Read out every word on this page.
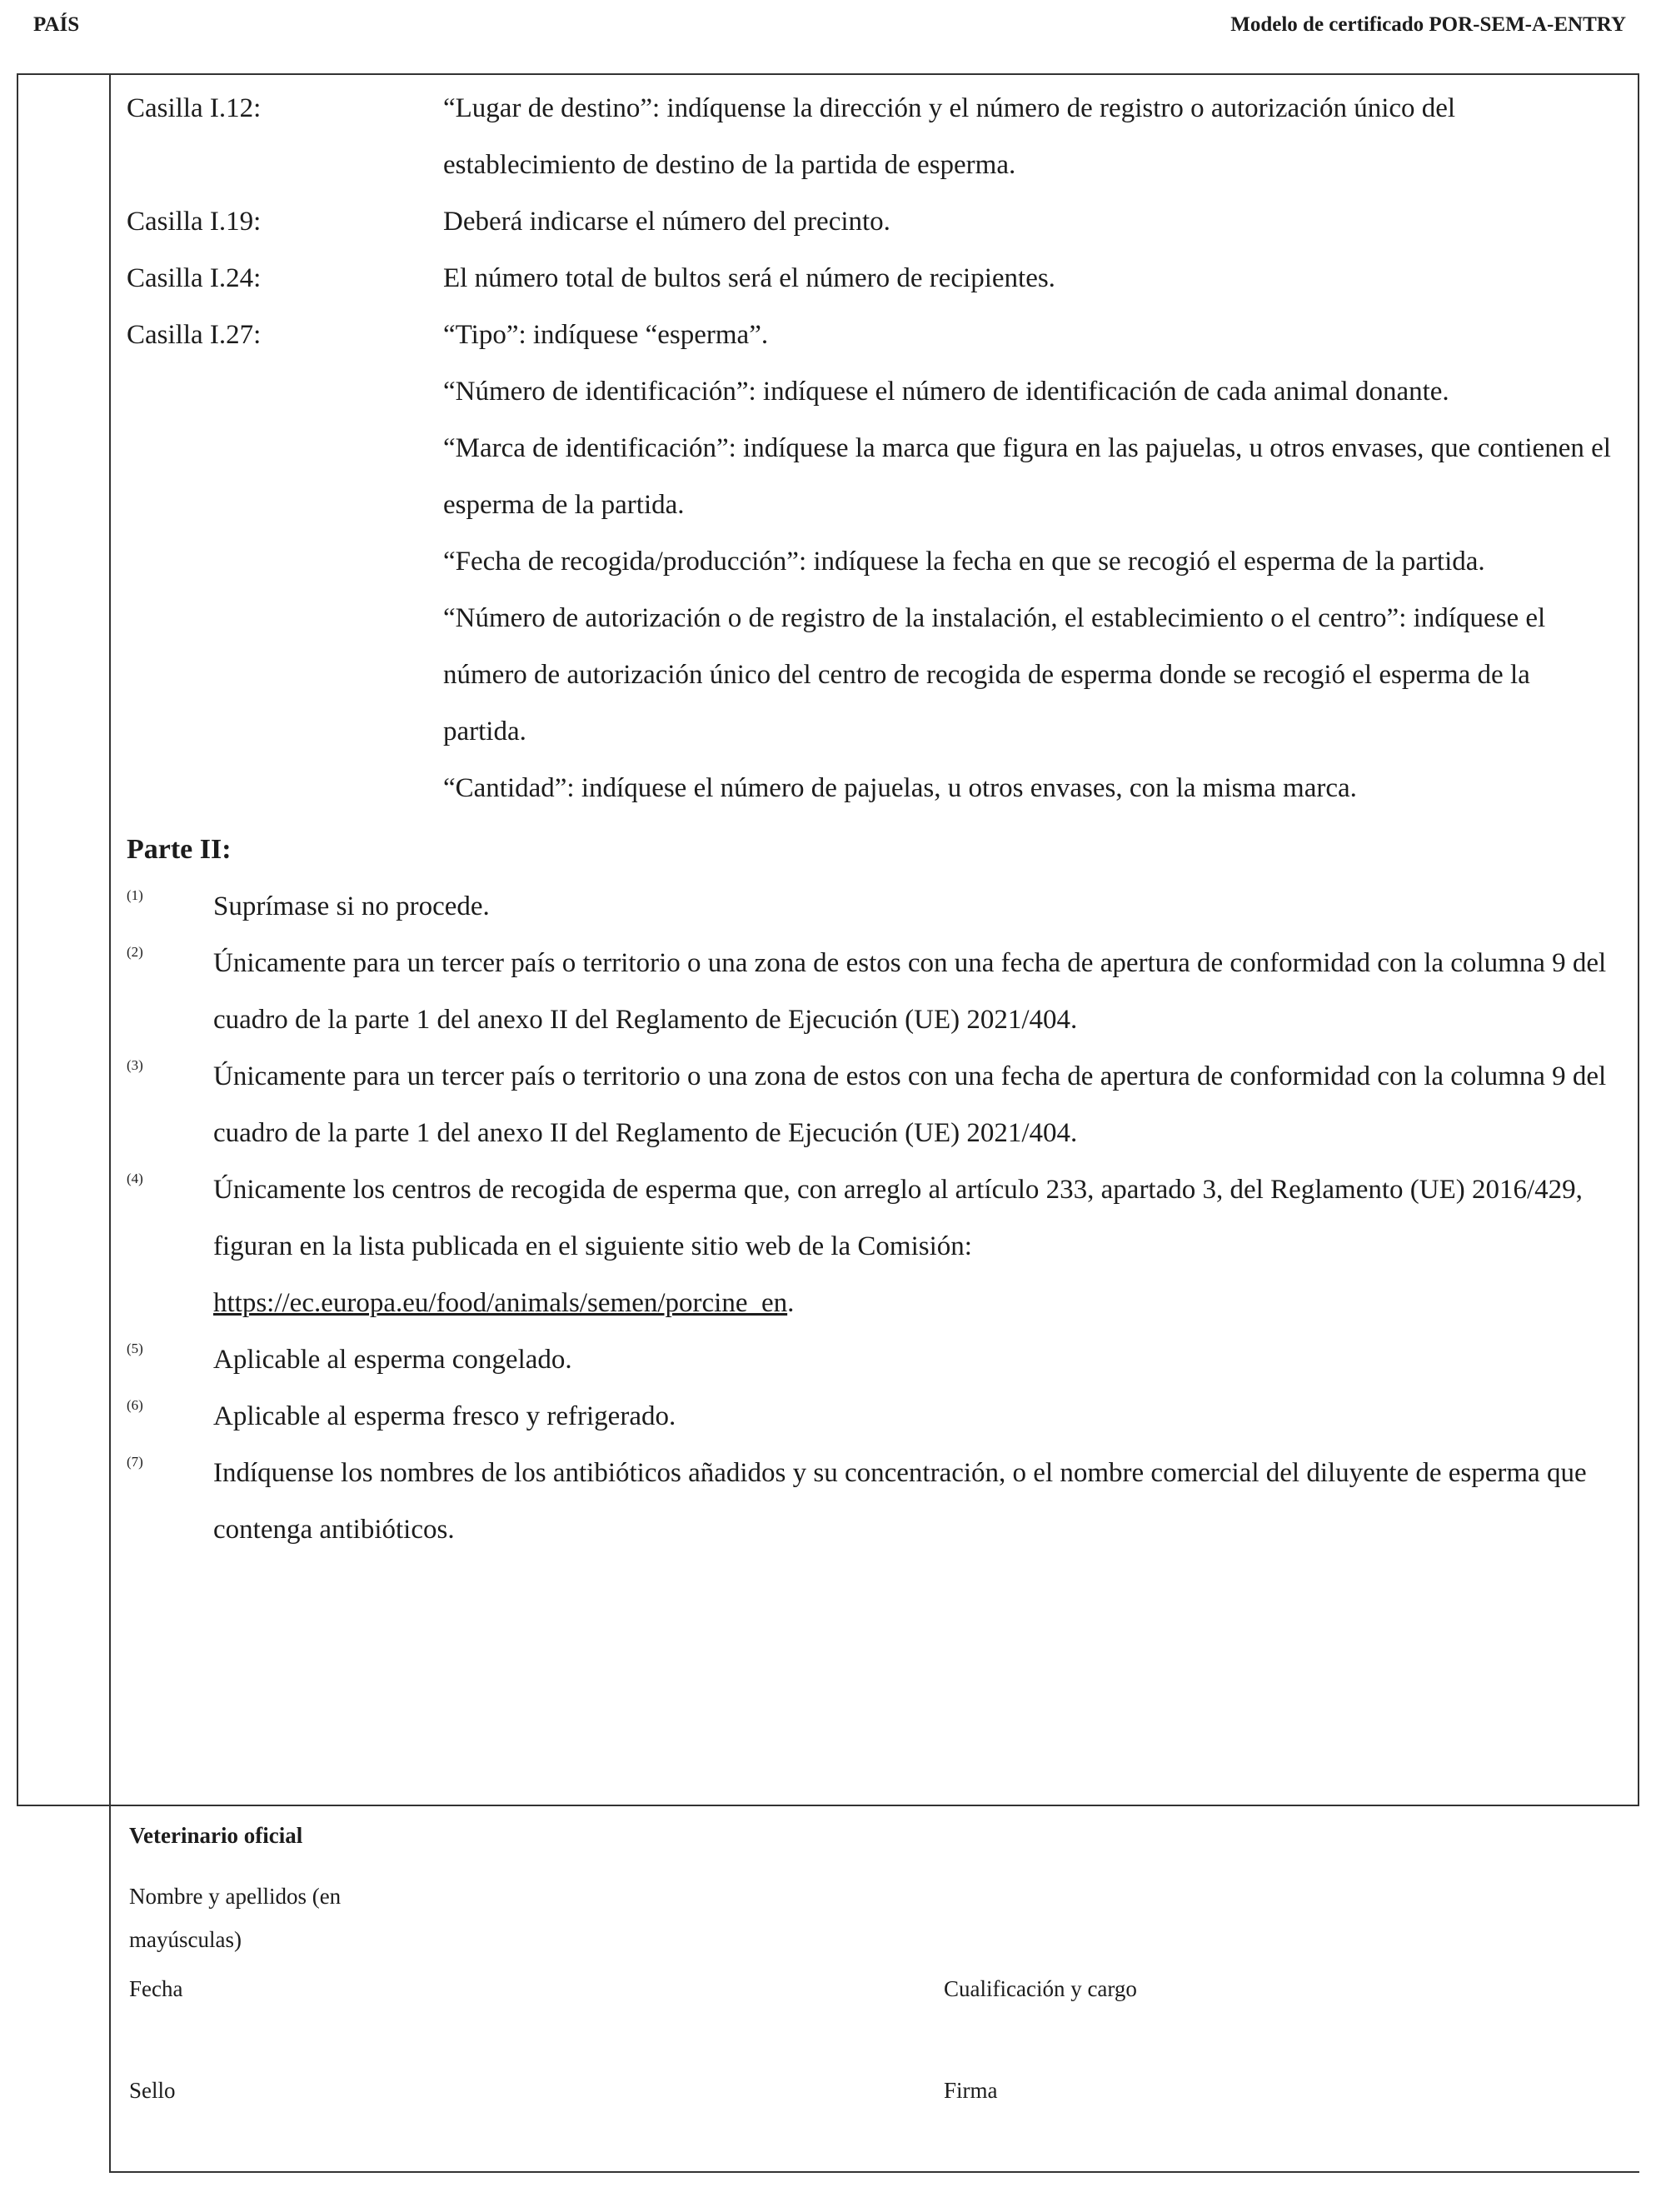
PAÍS	Modelo de certificado POR-SEM-A-ENTRY
Casilla I.12:	“Lugar de destino”: indíquense la dirección y el número de registro o autorización único del establecimiento de destino de la partida de esperma.
Casilla I.19:	Deberá indicarse el número del precinto.
Casilla I.24:	El número total de bultos será el número de recipientes.
Casilla I.27:	“Tipo”: indíquese “esperma”.
“Número de identificación”: indíquese el número de identificación de cada animal donante.
“Marca de identificación”: indíquese la marca que figura en las pajuelas, u otros envases, que contienen el esperma de la partida.
“Fecha de recogida/producción”: indíquese la fecha en que se recogió el esperma de la partida.
“Número de autorización o de registro de la instalación, el establecimiento o el centro”: indíquese el número de autorización único del centro de recogida de esperma donde se recogió el esperma de la partida.
“Cantidad”: indíquese el número de pajuelas, u otros envases, con la misma marca.
Parte II:
(1)	Suprímase si no procede.
(2)	Únicamente para un tercer país o territorio o una zona de estos con una fecha de apertura de conformidad con la columna 9 del cuadro de la parte 1 del anexo II del Reglamento de Ejecución (UE) 2021/404.
(3)	Únicamente para un tercer país o territorio o una zona de estos con una fecha de apertura de conformidad con la columna 9 del cuadro de la parte 1 del anexo II del Reglamento de Ejecución (UE) 2021/404.
(4)	Únicamente los centros de recogida de esperma que, con arreglo al artículo 233, apartado 3, del Reglamento (UE) 2016/429, figuran en la lista publicada en el siguiente sitio web de la Comisión:
https://ec.europa.eu/food/animals/semen/porcine_en.
(5)	Aplicable al esperma congelado.
(6)	Aplicable al esperma fresco y refrigerado.
(7)	Indíquense los nombres de los antibióticos añadidos y su concentración, o el nombre comercial del diluyente de esperma que contenga antibióticos.
Veterinario oficial
Nombre y apellidos (en mayúsculas)
Fecha	Cualificación y cargo
Sello	Firma
